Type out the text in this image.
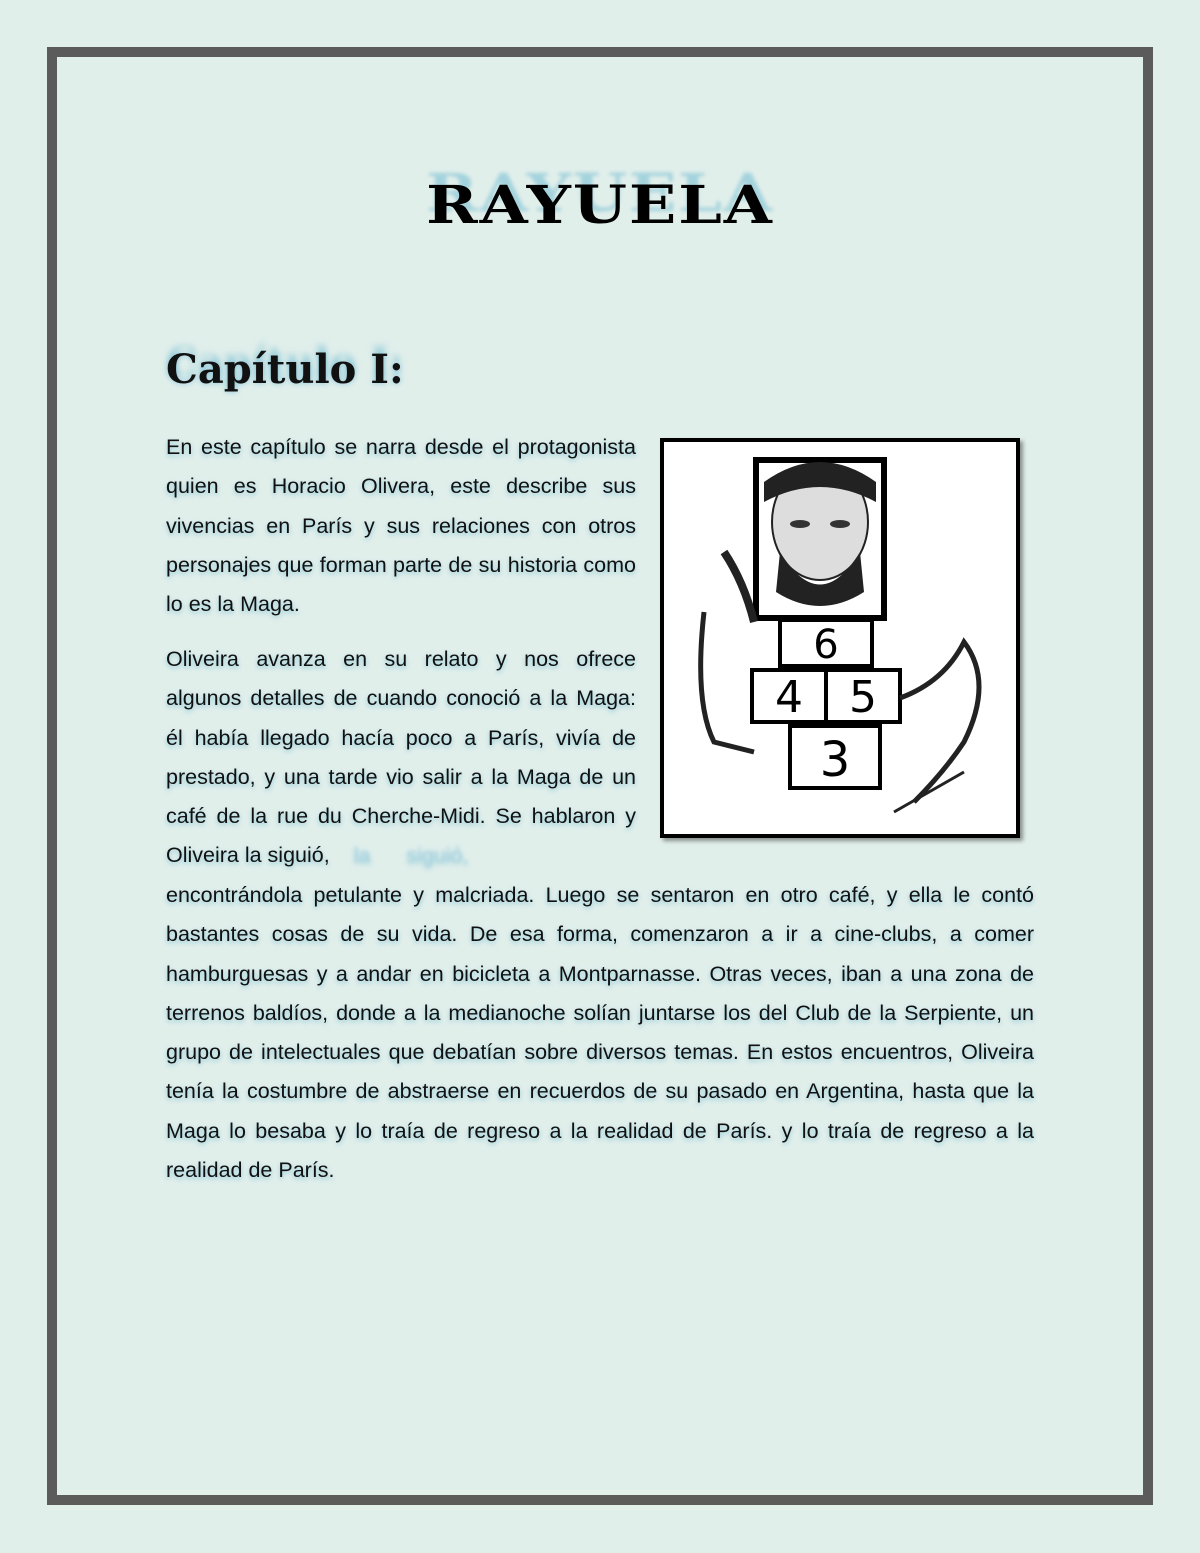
RAYUELA
Capítulo I:
En este capítulo se narra desde el protagonista quien es Horacio Olivera, este describe sus vivencias en París y sus relaciones con otros personajes que forman parte de su historia como lo es la Maga.
Oliveira avanza en su relato y nos ofrece algunos detalles de cuando conoció a la Maga: él había llegado hacía poco a París, vivía de prestado, y una tarde vio salir a la Maga de un café de la rue du Cherche-Midi. Se hablaron y Oliveira la siguió, la siguió,
encontrándola petulante y malcriada. Luego se sentaron en otro café, y ella le contó bastantes cosas de su vida. De esa forma, comenzaron a ir a cine-clubs, a comer hamburguesas y a andar en bicicleta a Montparnasse. Otras veces, iban a una zona de terrenos baldíos, donde a la medianoche solían juntarse los del Club de la Serpiente, un grupo de intelectuales que debatían sobre diversos temas. En estos encuentros, Oliveira tenía la costumbre de abstraerse en recuerdos de su pasado en Argentina, hasta que la Maga lo besaba y lo traía de regreso a la realidad de París. y lo traía de regreso a la realidad de París.
6
4 5
3
